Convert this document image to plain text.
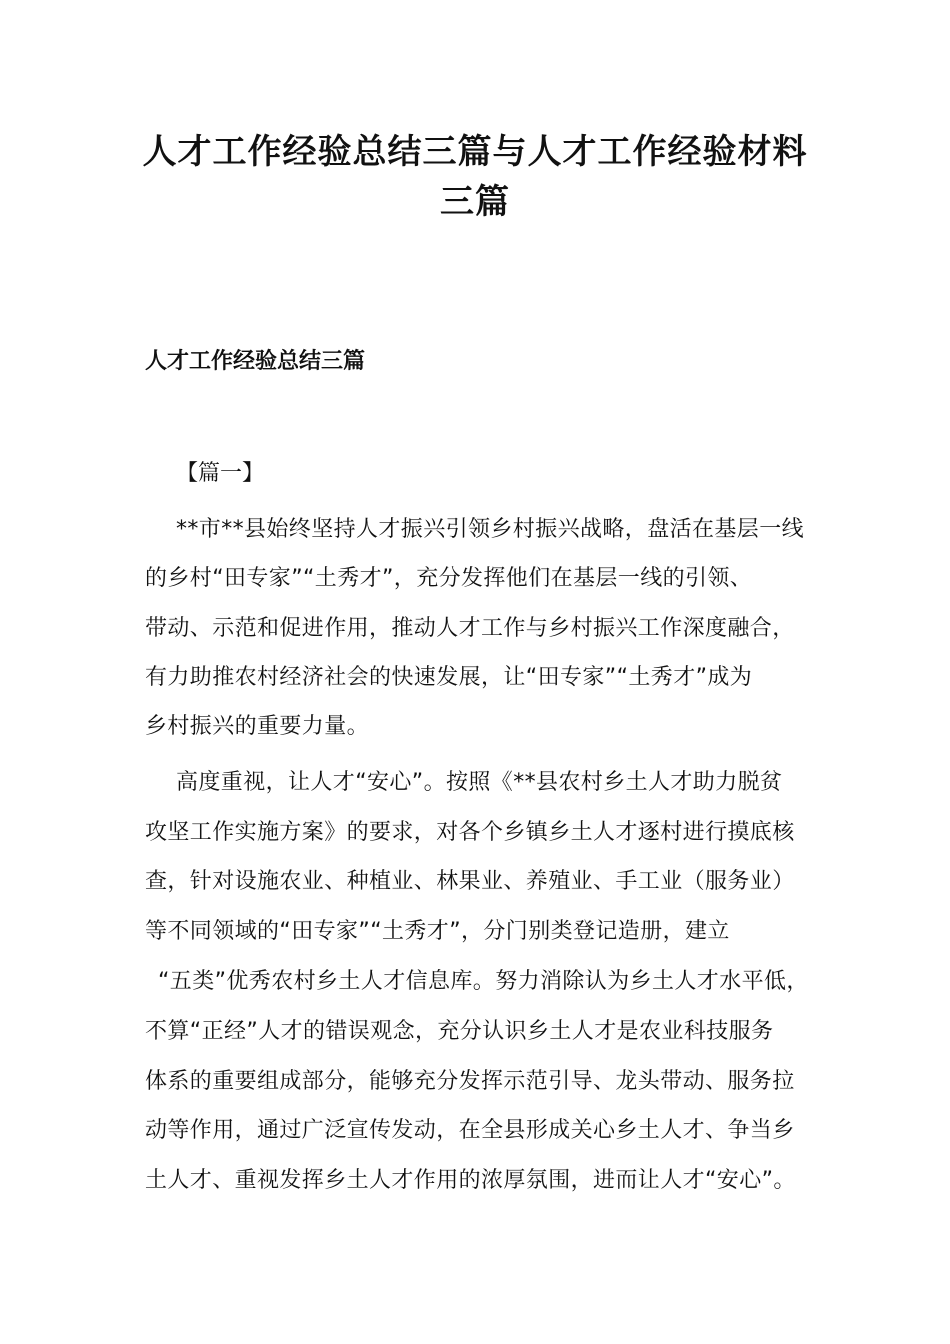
人才工作经验总结三篇与人才工作经验材料
三篇
人才工作经验总结三篇
【篇一】
**市**县始终坚持人才振兴引领乡村振兴战略，盘活在基层一线
的乡村“田专家”“土秀才”，充分发挥他们在基层一线的引领、
带动、示范和促进作用，推动人才工作与乡村振兴工作深度融合，
有力助推农村经济社会的快速发展，让“田专家”“土秀才”成为
乡村振兴的重要力量。
高度重视，让人才“安心”。按照《**县农村乡土人才助力脱贫
攻坚工作实施方案》的要求，对各个乡镇乡土人才逐村进行摸底核
查，针对设施农业、种植业、林果业、养殖业、手工业（服务业）
等不同领域的“田专家”“土秀才”，分门别类登记造册，建立
“五类”优秀农村乡土人才信息库。努力消除认为乡土人才水平低，
不算“正经”人才的错误观念，充分认识乡土人才是农业科技服务
体系的重要组成部分，能够充分发挥示范引导、龙头带动、服务拉
动等作用，通过广泛宣传发动，在全县形成关心乡土人才、争当乡
土人才、重视发挥乡土人才作用的浓厚氛围，进而让人才“安心”。
